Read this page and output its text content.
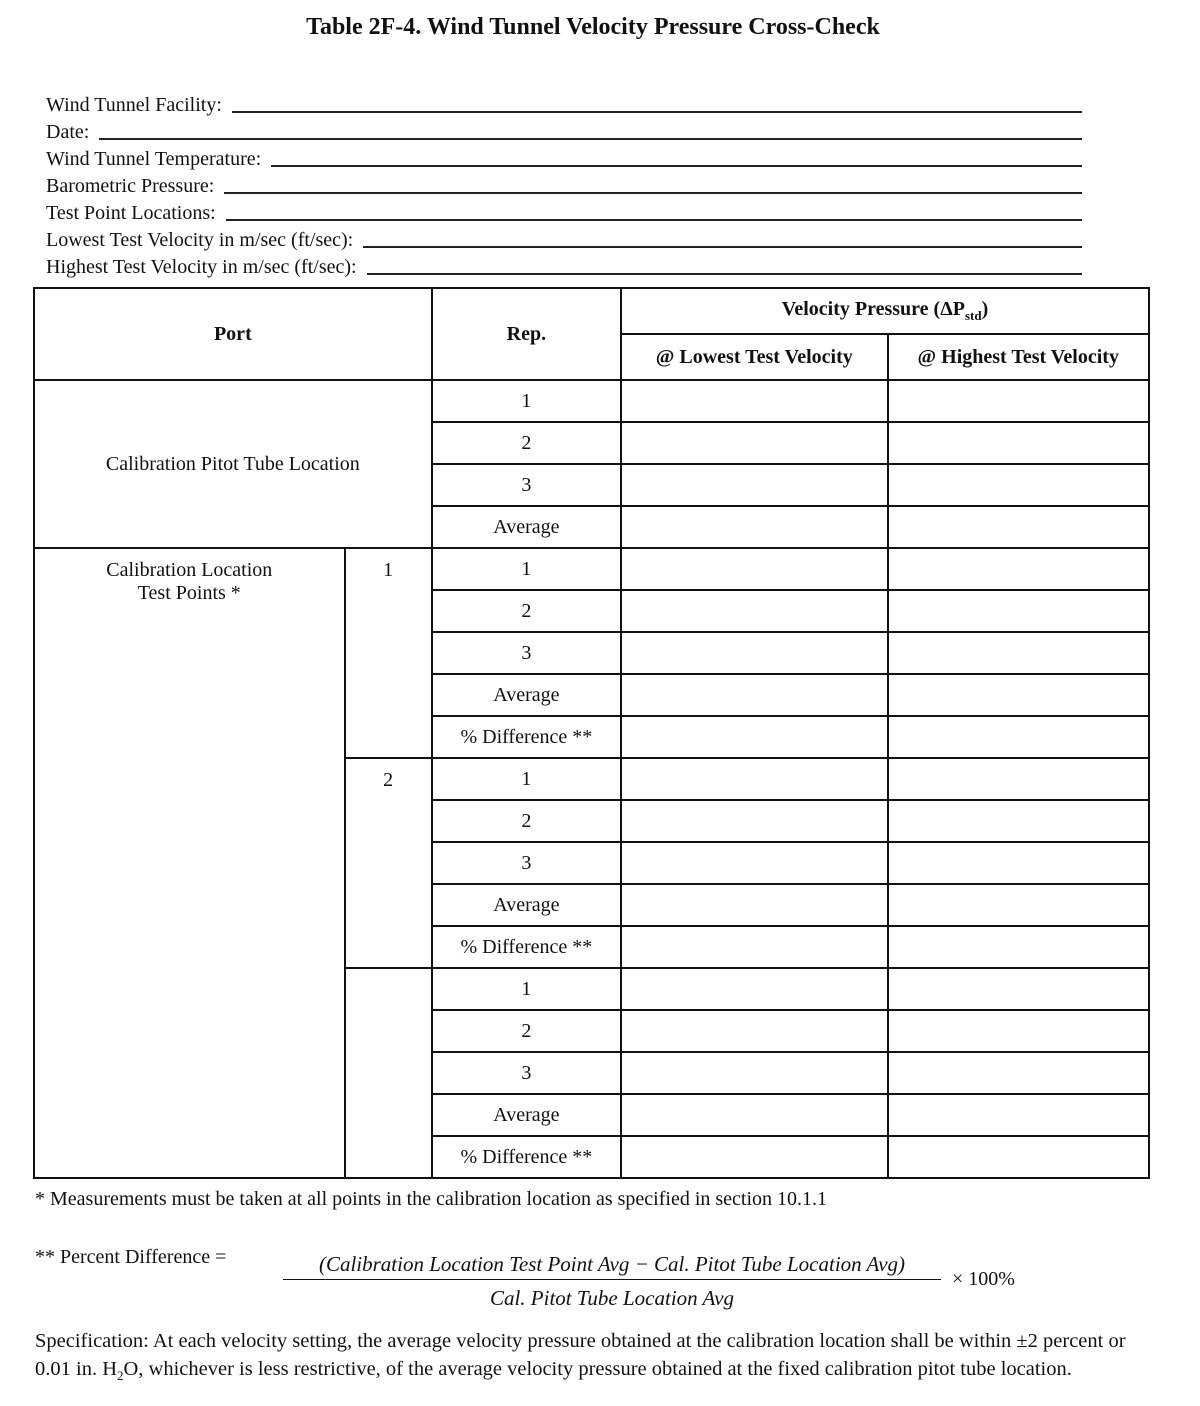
Table 2F-4. Wind Tunnel Velocity Pressure Cross-Check
Wind Tunnel Facility:
Date:
Wind Tunnel Temperature:
Barometric Pressure:
Test Point Locations:
Lowest Test Velocity in m/sec (ft/sec):
Highest Test Velocity in m/sec (ft/sec):
Port		Rep.	Velocity Pressure $(\Delta P_{std})$	
			@ Lowest Test Velocity	@ Highest Test Velocity
Calibration Pitot Tube Location		1		
		2		
		3		
		Average		

Calibration Location
Test Points *	1	1		
		2		
		3		
		Average		
		% Difference **		
	2	1		
		2		
		3		
		Average		
		% Difference **		
		1		
		2		
		3		
		Average		
		% Difference **		
* Measurements must be taken at all points in the calibration location as specified in section 10.1.1
** Percent Difference =	(Calibration Location Test Point Avg − Cal. Pitot Tube Location Avg)
Cal. Pitot Tube Location Avg
× 100%
Specification: At each velocity setting, the average velocity pressure obtained at the calibration location shall be within ±2 percent or 0.01 in. $H_2O$, whichever is less restrictive, of the average velocity pressure obtained at the fixed calibration pitot tube location.
